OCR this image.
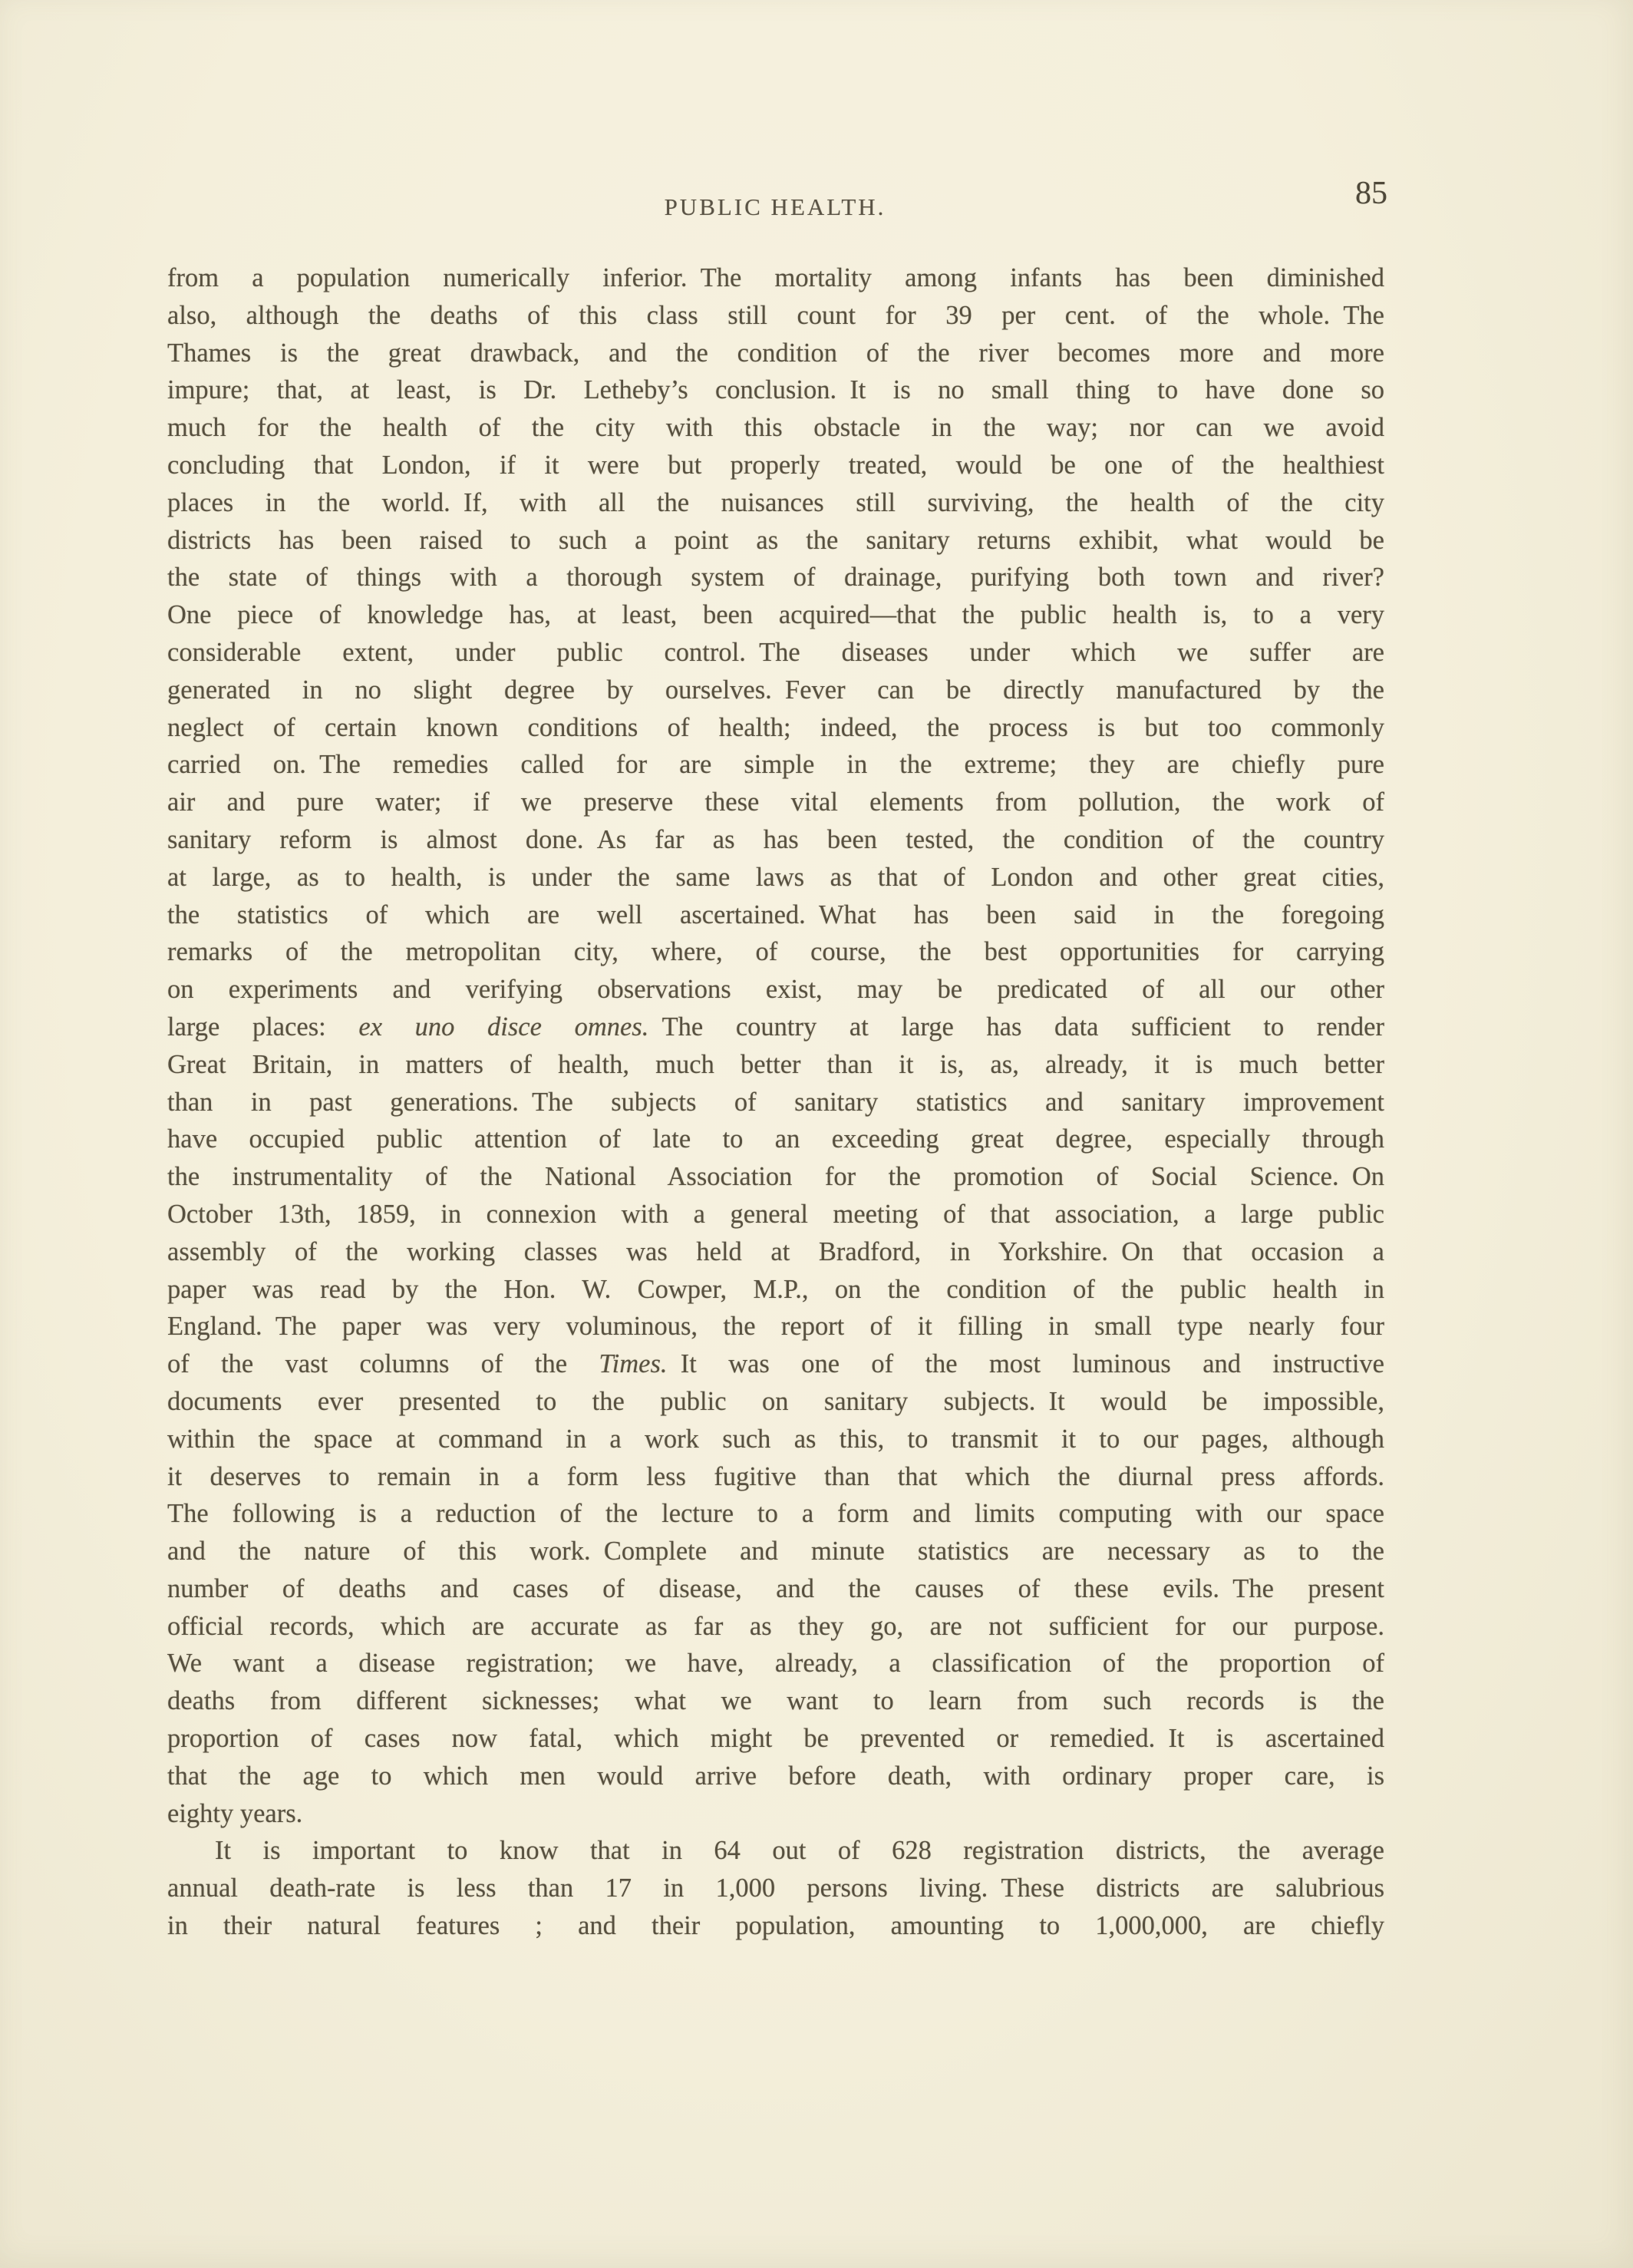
PUBLIC HEALTH.	85
from a population numerically inferior. The mortality among infants has been diminished
also, although the deaths of this class still count for 39 per cent. of the whole. The
Thames is the great drawback, and the condition of the river becomes more and more
impure; that, at least, is Dr. Letheby’s conclusion. It is no small thing to have done so
much for the health of the city with this obstacle in the way; nor can we avoid
concluding that London, if it were but properly treated, would be one of the healthiest
places in the world. If, with all the nuisances still surviving, the health of the city
districts has been raised to such a point as the sanitary returns exhibit, what would be
the state of things with a thorough system of drainage, purifying both town and river?
One piece of knowledge has, at least, been acquired—that the public health is, to a very
considerable extent, under public control. The diseases under which we suffer are
generated in no slight degree by ourselves. Fever can be directly manufactured by the
neglect of certain known conditions of health; indeed, the process is but too commonly
carried on. The remedies called for are simple in the extreme; they are chiefly pure
air and pure water; if we preserve these vital elements from pollution, the work of
sanitary reform is almost done. As far as has been tested, the condition of the country
at large, as to health, is under the same laws as that of London and other great cities,
the statistics of which are well ascertained. What has been said in the foregoing
remarks of the metropolitan city, where, of course, the best opportunities for carrying
on experiments and verifying observations exist, may be predicated of all our other
large places: ex uno disce omnes. The country at large has data sufficient to render
Great Britain, in matters of health, much better than it is, as, already, it is much better
than in past generations. The subjects of sanitary statistics and sanitary improvement
have occupied public attention of late to an exceeding great degree, especially through
the instrumentality of the National Association for the promotion of Social Science. On
October 13th, 1859, in connexion with a general meeting of that association, a large public
assembly of the working classes was held at Bradford, in Yorkshire. On that occasion a
paper was read by the Hon. W. Cowper, M.P., on the condition of the public health in
England. The paper was very voluminous, the report of it filling in small type nearly four
of the vast columns of the Times. It was one of the most luminous and instructive
documents ever presented to the public on sanitary subjects. It would be impossible,
within the space at command in a work such as this, to transmit it to our pages, although
it deserves to remain in a form less fugitive than that which the diurnal press affords.
The following is a reduction of the lecture to a form and limits computing with our space
and the nature of this work. Complete and minute statistics are necessary as to the
number of deaths and cases of disease, and the causes of these evils. The present
official records, which are accurate as far as they go, are not sufficient for our purpose.
We want a disease registration; we have, already, a classification of the proportion of
deaths from different sicknesses; what we want to learn from such records is the
proportion of cases now fatal, which might be prevented or remedied. It is ascertained
that the age to which men would arrive before death, with ordinary proper care, is
eighty years.
It is important to know that in 64 out of 628 registration districts, the average
annual death-rate is less than 17 in 1,000 persons living. These districts are salubrious
in their natural features ; and their population, amounting to 1,000,000, are chiefly
